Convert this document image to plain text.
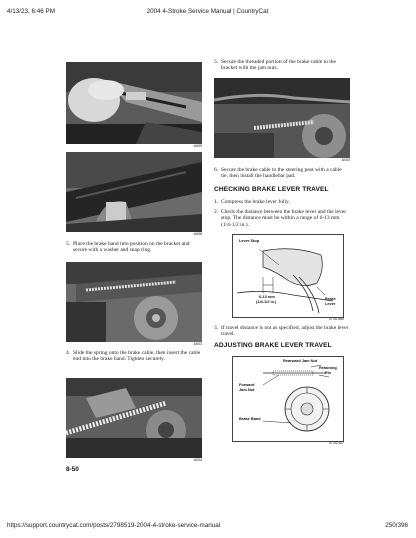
4/13/23, 6:46 PM	2004 4-Stroke Service Manual | CountryCat
A999
A998
5. Place the brake band into position on the bracket and secure with a washer and snap ring.
A003
4. Slide the spring onto the brake cable, then insert the cable end into the brake band. Tighten securely.
A004
8-50
5. Secure the threaded portion of the brake cable to the bracket with the jam nuts.
A000
6. Secure the brake cable to the steering post with a cable tie; then install the handlebar pad.
CHECKING BRAKE LEVER TRAVEL
1. Compress the brake lever fully.
2. Check the distance between the brake lever and the lever stop. The distance must be within a range of 6-13 mm (1/4-1/2 in.).
Lever Stop
6-13 mm
(1/4-1/2 in.)
Brake
Lever
0735-560
3. If travel distance is not as specified, adjust the brake lever travel.
ADJUSTING BRAKE LEVER TRAVEL
Rearward Jam Nut
Retaining
Pin
Forward
Jam Nut
Brake Band
0735-457
https://support.countrycat.com/posts/2798519-2004-4-stroke-service-manual	250/396
